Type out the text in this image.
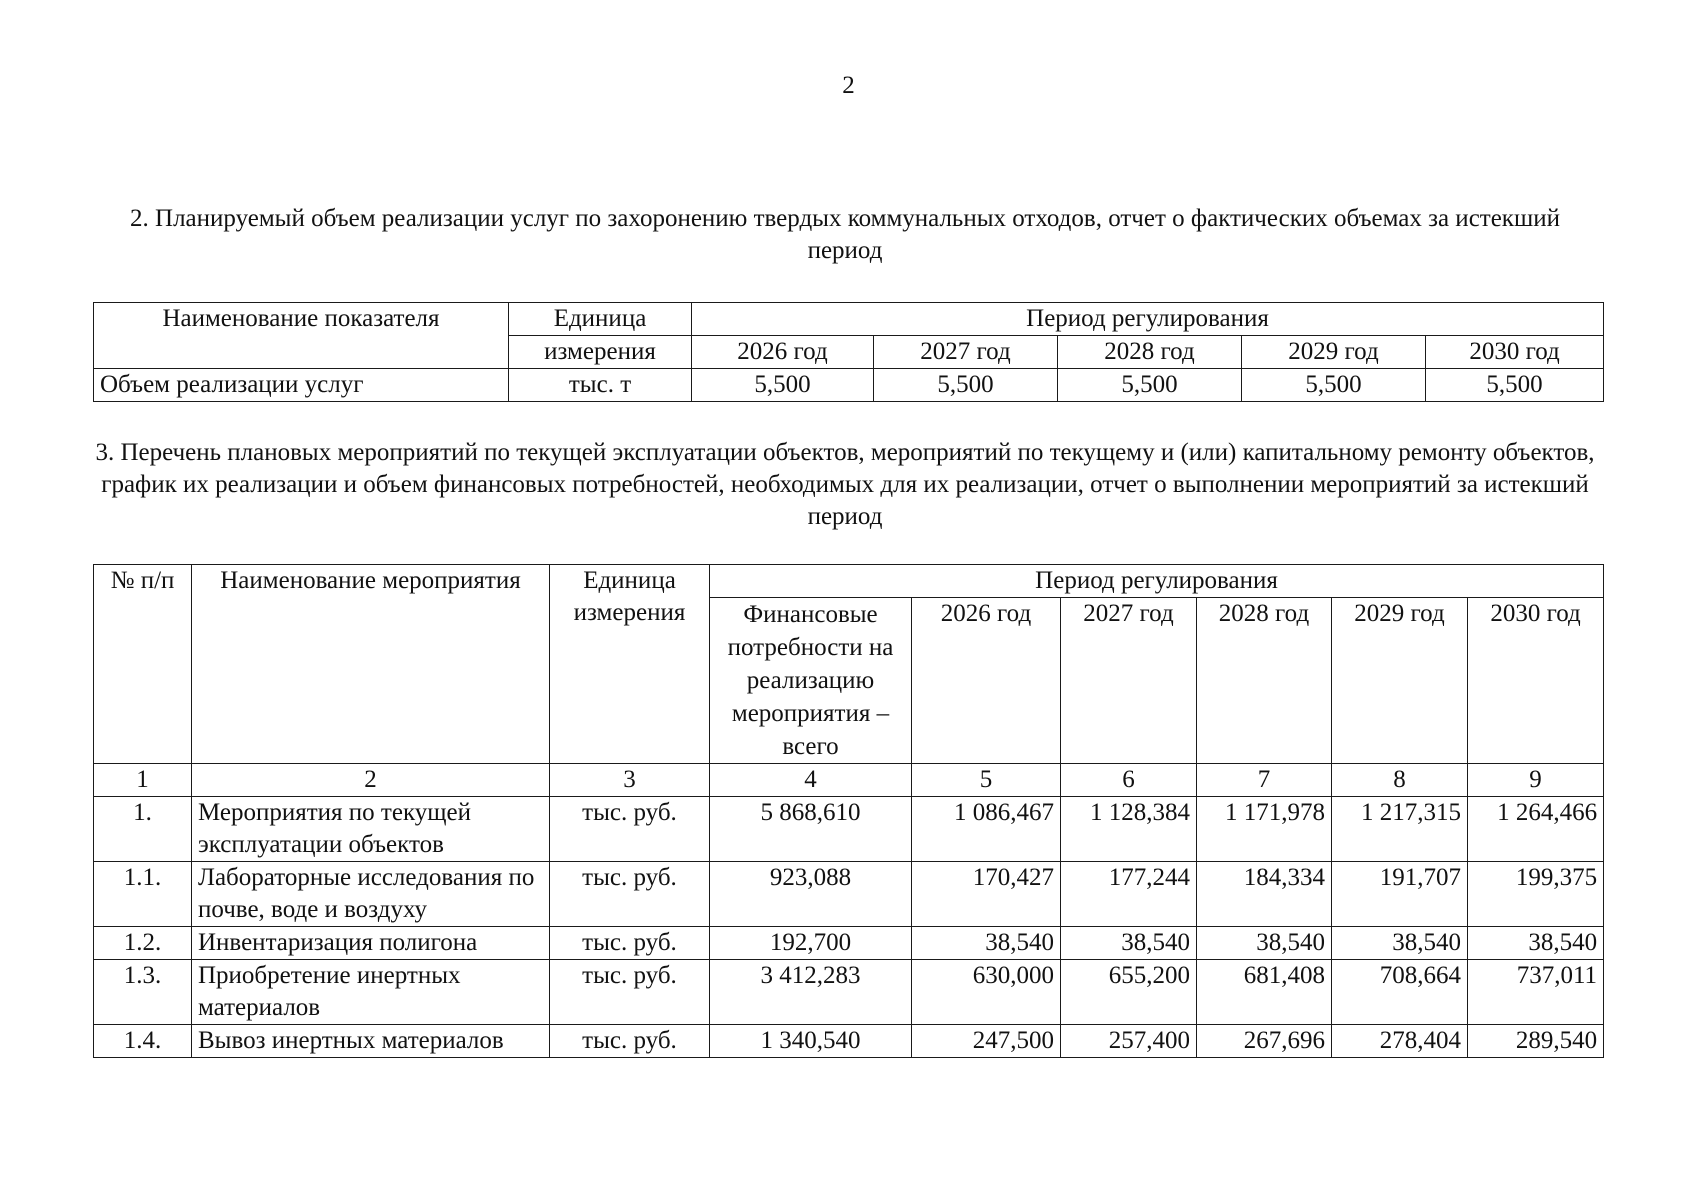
2
2. Планируемый объем реализации услуг по захоронению твердых коммунальных отходов, отчет о фактических объемах за истекший период
Наименование показателя	Единица	Период регулирования				
	измерения	2026 год	2027 год	2028 год	2029 год	2030 год
Объем реализации услуг	тыс. т	5,500	5,500	5,500	5,500	5,500
3. Перечень плановых мероприятий по текущей эксплуатации объектов, мероприятий по текущему и (или) капитальному ремонту объектов, график их реализации и объем финансовых потребностей, необходимых для их реализации, отчет о выполнении мероприятий за истекший период
№ п/п	Наименование мероприятия	Единица измерения	Период регулирования					
			Финансовые потребности на реализацию мероприятия – всего	2026 год	2027 год	2028 год	2029 год	2030 год
1	2	3	4	5	6	7	8	9
1.	Мероприятия по текущей эксплуатации объектов	тыс. руб.	5 868,610	1 086,467	1 128,384	1 171,978	1 217,315	1 264,466
1.1.	Лабораторные исследования по почве, воде и воздуху	тыс. руб.	923,088	170,427	177,244	184,334	191,707	199,375
1.2.	Инвентаризация полигона	тыс. руб.	192,700	38,540	38,540	38,540	38,540	38,540
1.3.	Приобретение инертных материалов	тыс. руб.	3 412,283	630,000	655,200	681,408	708,664	737,011
1.4.	Вывоз инертных материалов	тыс. руб.	1 340,540	247,500	257,400	267,696	278,404	289,540
